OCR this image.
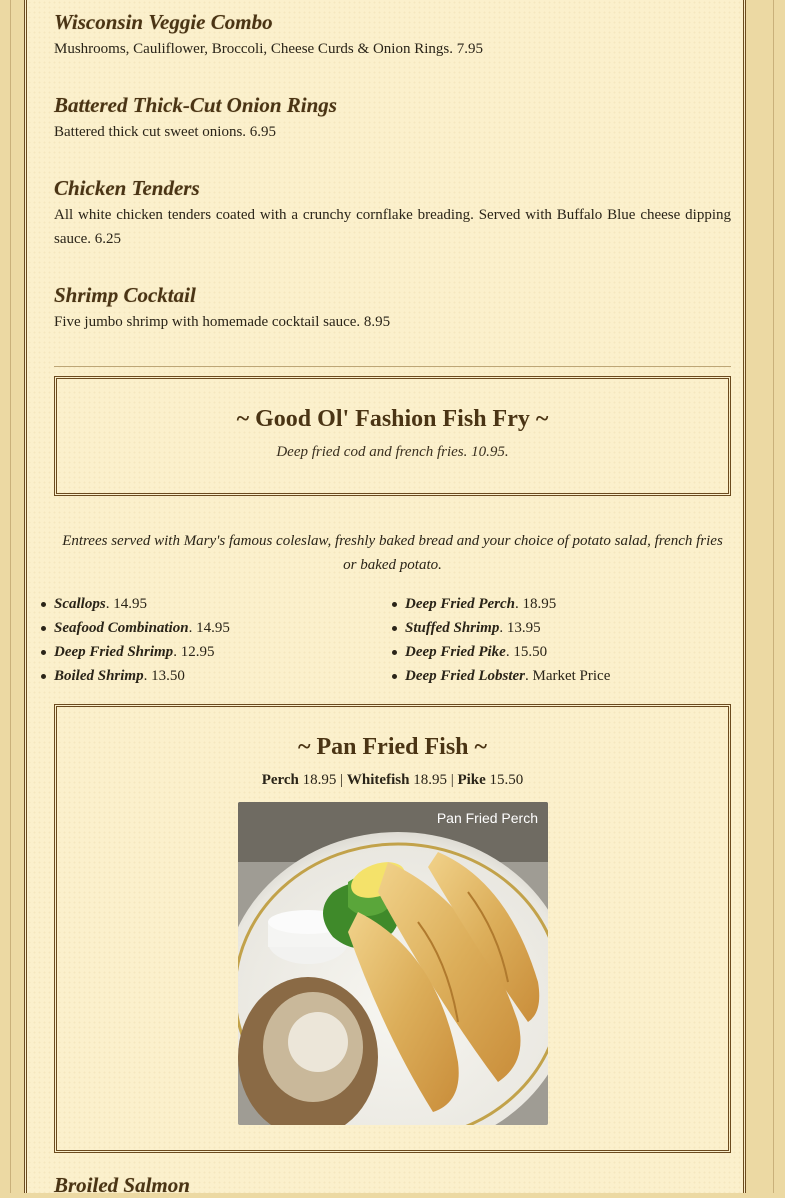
Wisconsin Veggie Combo

Mushrooms, Cauliflower, Broccoli, Cheese Curds & Onion Rings. 7.95

Battered Thick-Cut Onion Rings

Battered thick cut sweet onions. 6.95

Chicken Tenders

All white chicken tenders coated with a crunchy cornflake breading. Served with Buffalo Blue cheese dipping sauce. 6.25

Shrimp Cocktail

Five jumbo shrimp with homemade cocktail sauce. 8.95

~ Good Ol' Fashion Fish Fry ~

Deep fried cod and french fries. 10.95.

Entrees served with Mary's famous coleslaw, freshly baked bread and your choice of potato salad, french fries or baked potato.

Scallops. 14.95
Seafood Combination. 14.95
Deep Fried Shrimp. 12.95
Boiled Shrimp. 13.50
Deep Fried Perch. 18.95
Stuffed Shrimp. 13.95
Deep Fried Pike. 15.50
Deep Fried Lobster. Market Price
~ Pan Fried Fish ~
Perch 18.95 | Whitefish 18.95 | Pike 15.50
Pan Fried Perch
Broiled Salmon
